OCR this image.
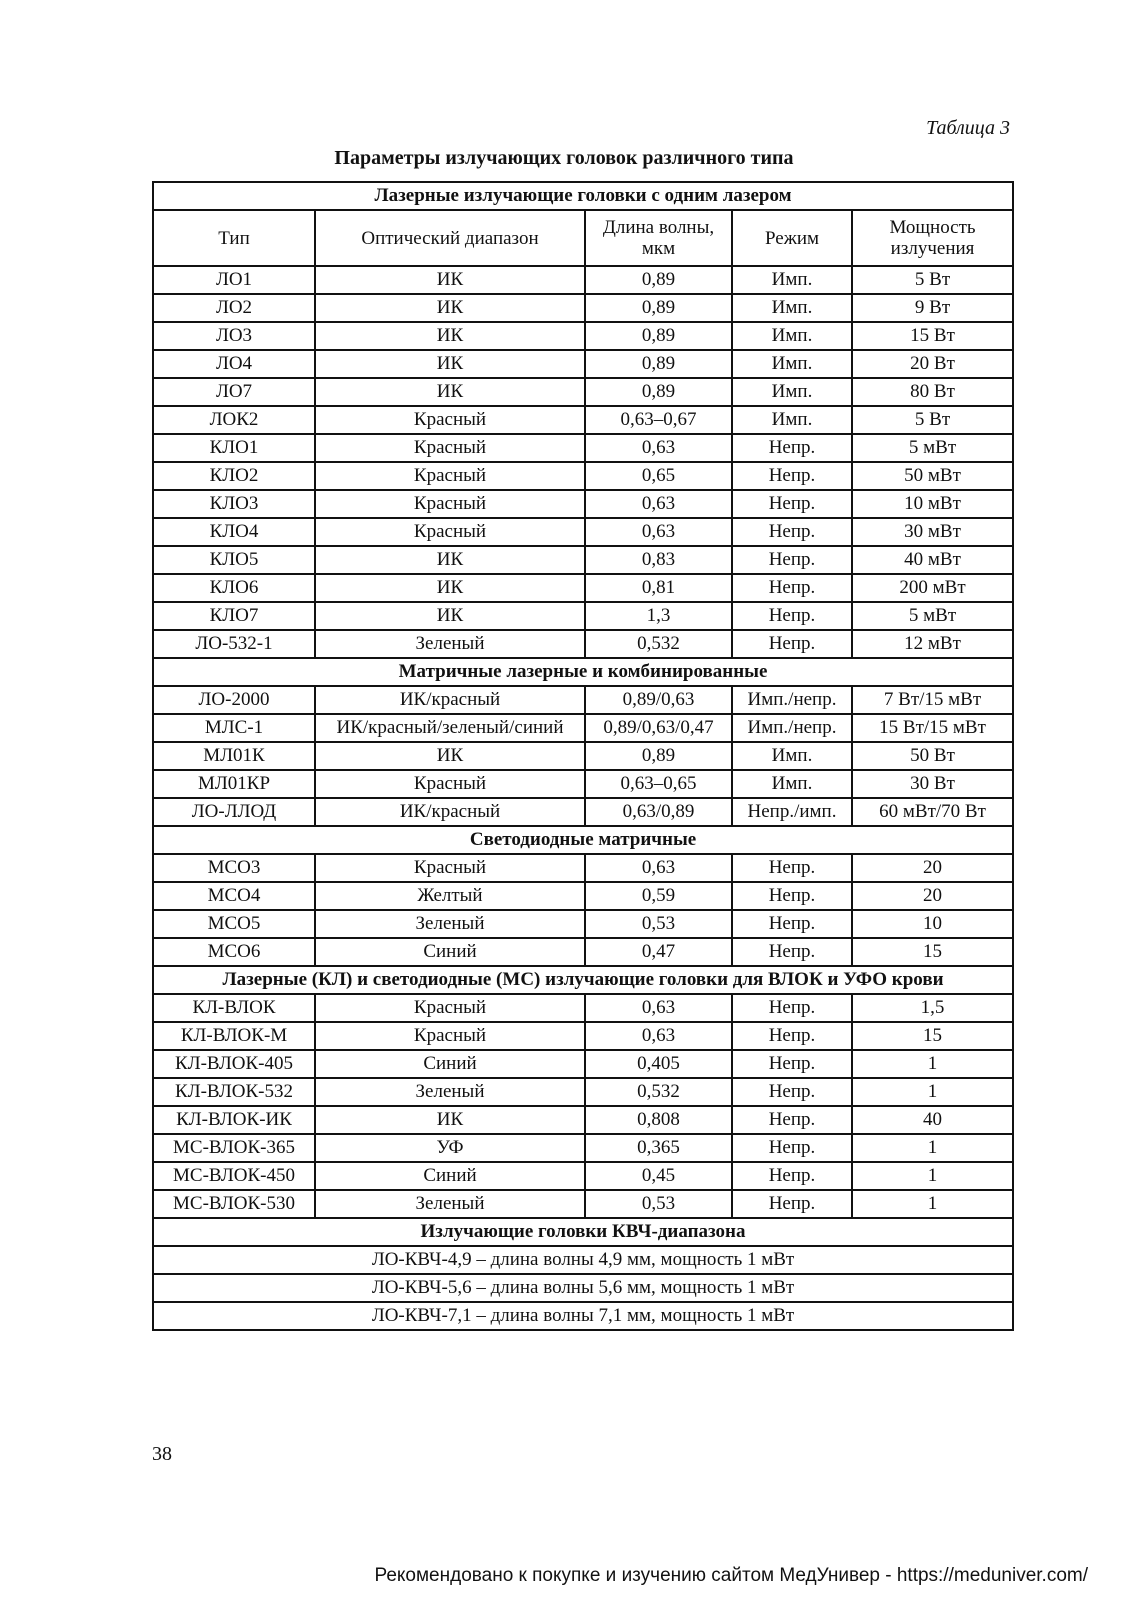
Таблица 3
Параметры излучающих головок различного типа
Лазерные излучающие головки с одним лазером				
Тип	Оптический диапазон	Длина волны, мкм	Режим	Мощность излучения
ЛО1	ИК	0,89	Имп.	5 Вт
ЛО2	ИК	0,89	Имп.	9 Вт
ЛО3	ИК	0,89	Имп.	15 Вт
ЛО4	ИК	0,89	Имп.	20 Вт
ЛО7	ИК	0,89	Имп.	80 Вт
ЛОК2	Красный	0,63–0,67	Имп.	5 Вт
КЛО1	Красный	0,63	Непр.	5 мВт
КЛО2	Красный	0,65	Непр.	50 мВт
КЛО3	Красный	0,63	Непр.	10 мВт
КЛО4	Красный	0,63	Непр.	30 мВт
КЛО5	ИК	0,83	Непр.	40 мВт
КЛО6	ИК	0,81	Непр.	200 мВт
КЛО7	ИК	1,3	Непр.	5 мВт
ЛО-532-1	Зеленый	0,532	Непр.	12 мВт
Матричные лазерные и комбинированные				
ЛО-2000	ИК/красный	0,89/0,63	Имп./непр.	7 Вт/15 мВт
МЛС-1	ИК/красный/зеленый/синий	0,89/0,63/0,47	Имп./непр.	15 Вт/15 мВт
МЛ01К	ИК	0,89	Имп.	50 Вт
МЛ01КР	Красный	0,63–0,65	Имп.	30 Вт
ЛО-ЛЛОД	ИК/красный	0,63/0,89	Непр./имп.	60 мВт/70 Вт
Светодиодные матричные				
МСО3	Красный	0,63	Непр.	20
МСО4	Желтый	0,59	Непр.	20
МСО5	Зеленый	0,53	Непр.	10
МСО6	Синий	0,47	Непр.	15
Лазерные (КЛ) и светодиодные (МС) излучающие головки для ВЛОК и УФО крови				
КЛ-ВЛОК	Красный	0,63	Непр.	1,5
КЛ-ВЛОК-М	Красный	0,63	Непр.	15
КЛ-ВЛОК-405	Синий	0,405	Непр.	1
КЛ-ВЛОК-532	Зеленый	0,532	Непр.	1
КЛ-ВЛОК-ИК	ИК	0,808	Непр.	40
МС-ВЛОК-365	УФ	0,365	Непр.	1
МС-ВЛОК-450	Синий	0,45	Непр.	1
МС-ВЛОК-530	Зеленый	0,53	Непр.	1
Излучающие головки КВЧ-диапазона				
ЛО-КВЧ-4,9 – длина волны 4,9 мм, мощность 1 мВт				
ЛО-КВЧ-5,6 – длина волны 5,6 мм, мощность 1 мВт				
ЛО-КВЧ-7,1 – длина волны 7,1 мм, мощность 1 мВт				
38
Рекомендовано к покупке и изучению сайтом МедУнивер - https://meduniver.com/
